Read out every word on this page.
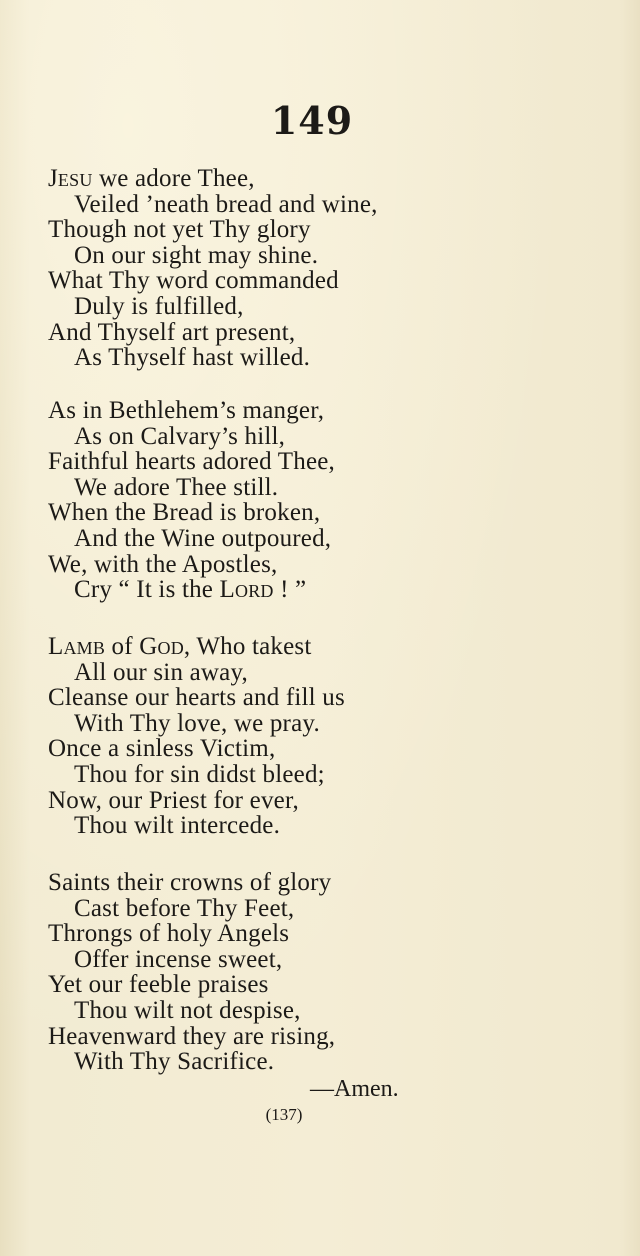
149
Jesu we adore Thee,
Veiled ’neath bread and wine,
Though not yet Thy glory
On our sight may shine.
What Thy word commanded
Duly is fulfilled,
And Thyself art present,
As Thyself hast willed.
As in Bethlehem’s manger,
As on Calvary’s hill,
Faithful hearts adored Thee,
We adore Thee still.
When the Bread is broken,
And the Wine outpoured,
We, with the Apostles,
Cry “ It is the Lord ! ”
Lamb of God, Who takest
All our sin away,
Cleanse our hearts and fill us
With Thy love, we pray.
Once a sinless Victim,
Thou for sin didst bleed;
Now, our Priest for ever,
Thou wilt intercede.
Saints their crowns of glory
Cast before Thy Feet,
Throngs of holy Angels
Offer incense sweet,
Yet our feeble praises
Thou wilt not despise,
Heavenward they are rising,
With Thy Sacrifice.
—Amen.
(137)
